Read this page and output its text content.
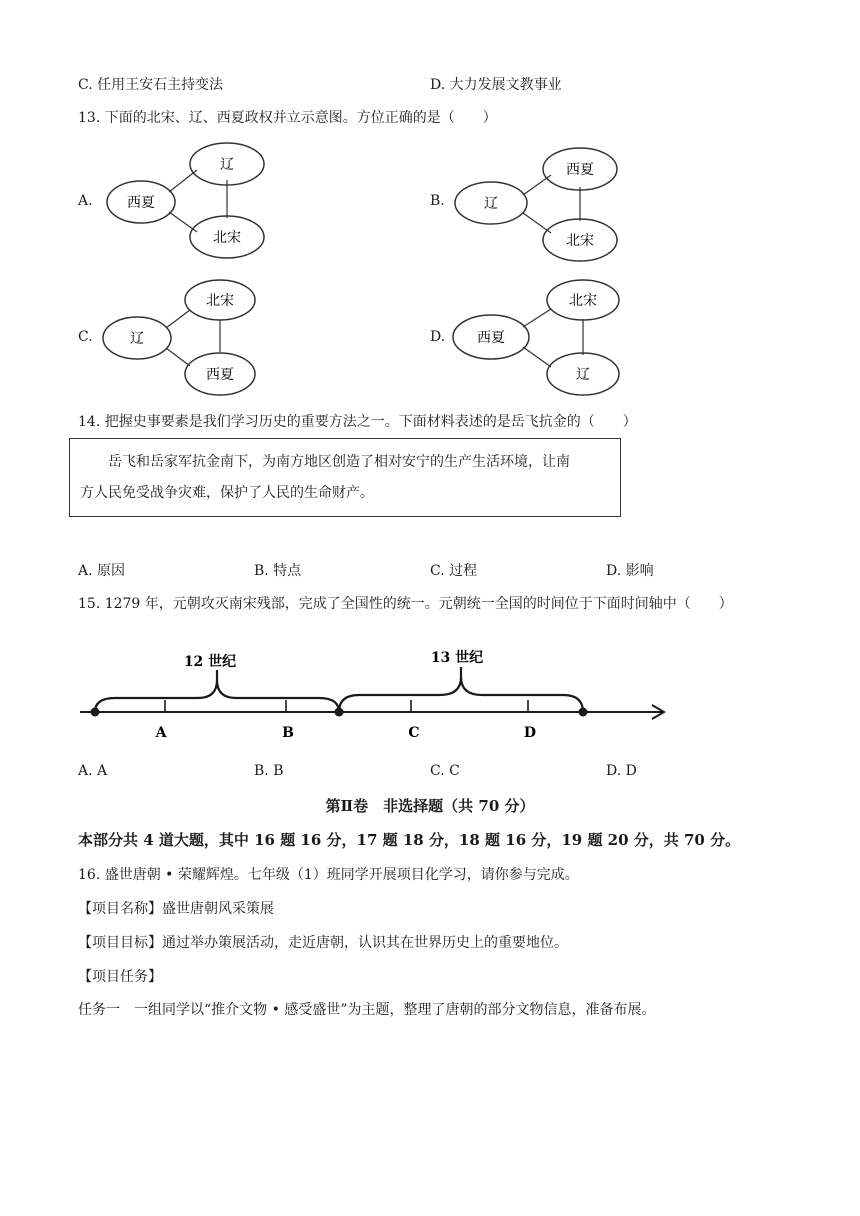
C. 任用王安石主持变法	D. 大力发展文教事业
13. 下面的北宋、辽、西夏政权并立示意图。方位正确的是（　　）
A.
辽
西夏
北宋
B.
西夏
辽
北宋
C.
北宋
辽
西夏
D.
北宋
西夏
辽
14. 把握史事要素是我们学习历史的重要方法之一。下面材料表述的是岳飞抗金的（　　）

岳飞和岳家军抗金南下，为南方地区创造了相对安宁的生产生活环境，让南

方人民免受战争灾难，保护了人民的生命财产。

A. 原因	B. 特点	C. 过程	D. 影响
15. 1279 年，元朝攻灭南宋残部，完成了全国性的统一。元朝统一全国的时间位于下面时间轴中（　　）
12 世纪	13 世纪
A	B	C	D
A. A	B. B	C. C	D. D
第Ⅱ卷　非选择题（共 70 分）
本部分共 4 道大题，其中 16 题 16 分，17 题 18 分，18 题 16 分，19 题 20 分，共 70 分。
16. 盛世唐朝 • 荣耀辉煌。七年级（1）班同学开展项目化学习，请你参与完成。
【项目名称】盛世唐朝风采策展
【项目目标】通过举办策展活动，走近唐朝，认识其在世界历史上的重要地位。
【项目任务】
任务一　一组同学以“推介文物 • 感受盛世”为主题，整理了唐朝的部分文物信息，准备布展。
